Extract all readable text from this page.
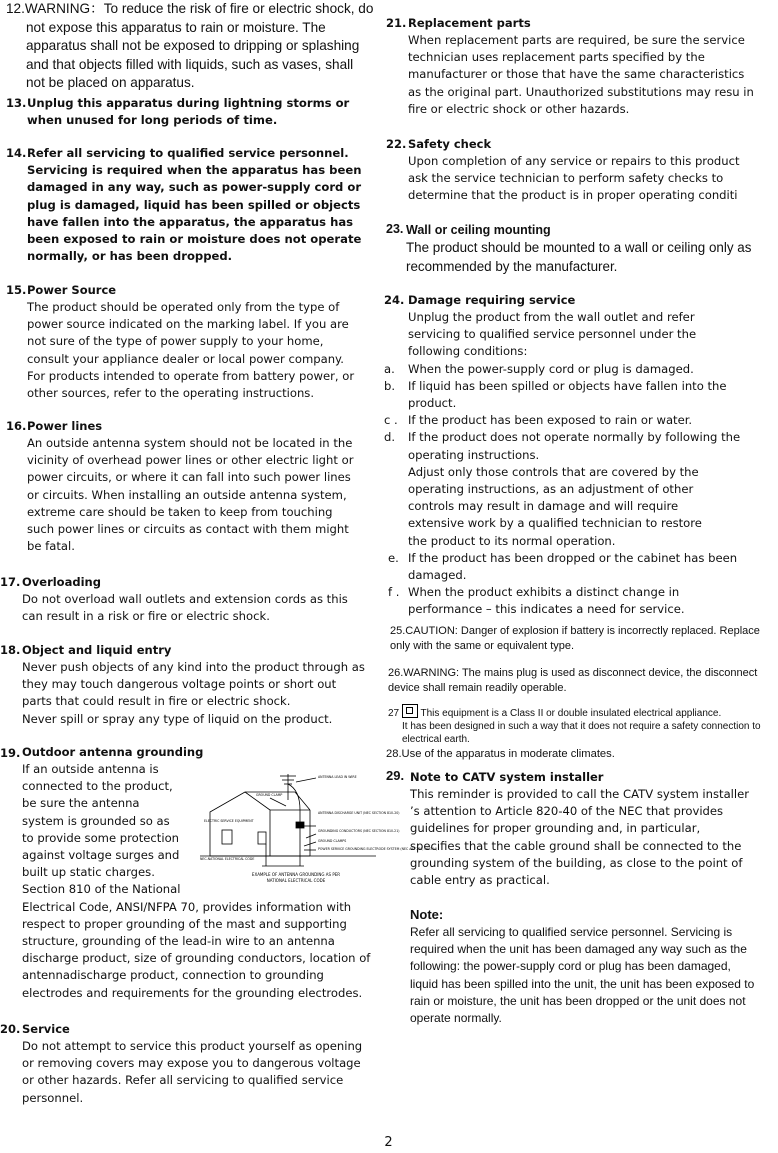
12.WARNING：To reduce the risk of fire or electric shock, do not expose this apparatus to rain or moisture. The apparatus shall not be exposed to dripping or splashing and that objects filled with liquids, such as vases, shall not be placed on apparatus.
13. Unplug this apparatus during lightning storms or when unused for long periods of time.
14. Refer all servicing to qualified service personnel. Servicing is required when the apparatus has been damaged in any way, such as power-supply cord or plug is damaged, liquid has been spilled or objects have fallen into the apparatus, the apparatus has been exposed to rain or moisture does not operate normally, or has been dropped.
15. Power Source
The product should be operated only from the type of power source indicated on the marking label. If you are not sure of the type of power supply to your home, consult your appliance dealer or local power company. For products intended to operate from battery power, or other sources, refer to the operating instructions.
16. Power lines
An outside antenna system should not be located in the vicinity of overhead power lines or other electric light or power circuits, or where it can fall into such power lines or circuits. When installing an outside antenna system, extreme care should be taken to keep from touching such power lines or circuits as contact with them might be fatal.
17. Overloading
Do not overload wall outlets and extension cords as this can result in a risk or fire or electric shock.
18. Object and liquid entry
Never push objects of any kind into the product through as they may touch dangerous voltage points or short out parts that could result in fire or electric shock.
Never spill or spray any type of liquid on the product.
19. Outdoor antenna grounding
If an outside antenna is connected to the product, be sure the antenna system is grounded so as to provide some protection against voltage surges and built up static charges. Section 810 of the National
Electrical Code, ANSI/NFPA 70, provides information with respect to proper grounding of the mast and supporting structure, grounding of the lead-in wire to an antenna discharge product, size of grounding conductors, location of antennadischarge product, connection to grounding electrodes and requirements for the grounding electrodes.
20. Service
Do not attempt to service this product yourself as opening or removing covers may expose you to dangerous voltage or other hazards. Refer all servicing to qualified service personnel.
ANTENNA LEAD IN WIRE
GROUND CLAMP
ANTENNA DISCHARGE UNIT (NEC SECTION 810-20)
ELECTRIC SERVICE EQUIPMENT
GROUNDING CONDUCTORS (NEC SECTION 810-21)
GROUND CLAMPS
POWER SERVICE GROUNDING ELECTRODE SYSTEM (NEC ART 250, PART H)
NEC-NATIONAL ELECTRICAL CODE
EXAMPLE OF ANTENNA GROUNDING AS PER
NATIONAL ELECTRICAL CODE
21. Replacement parts
When replacement parts are required, be sure the service technician uses replacement parts specified by the manufacturer or those that have the same characteristics as the original part. Unauthorized substitutions may resu in fire or electric shock or other hazards.
22. Safety check
Upon completion of any service or repairs to this product ask the service technician to perform safety checks to determine that the product is in proper operating conditi
23. Wall or ceiling mounting
The product should be mounted to a wall or ceiling only as recommended by the manufacturer.
24. Damage requiring service
Unplug the product from the wall outlet and refer servicing to qualified service personnel under the following conditions:
a. When the power-supply cord or plug is damaged.
b. If liquid has been spilled or objects have fallen into the product.
c . If the product has been exposed to rain or water.
d. If the product does not operate normally by following the operating instructions.
Adjust only those controls that are covered by the operating instructions, as an adjustment of other controls may result in damage and will require extensive work by a qualified technician to restore the product to its normal operation.
e. If the product has been dropped or the cabinet has been damaged.
f . When the product exhibits a distinct change in performance – this indicates a need for service.
25.CAUTION: Danger of explosion if battery is incorrectly replaced. Replace only with the same or equivalent type.
26.WARNING: The mains plug is used as disconnect device, the disconnect device shall remain readily operable.
27 This equipment is a Class II or double insulated electrical appliance.
It has been designed in such a way that it does not require a safety connection to electrical earth.
28.Use of the apparatus in moderate climates.
29. Note to CATV system installer
This reminder is provided to call the CATV system installer ’s attention to Article 820-40 of the NEC that provides guidelines for proper grounding and, in particular, specifies that the cable ground shall be connected to the grounding system of the building, as close to the point of cable entry as practical.
Note:
Refer all servicing to qualified service personnel. Servicing is required when the unit has been damaged any way such as the following: the power-supply cord or plug has been damaged, liquid has been spilled into the unit, the unit has been exposed to rain or moisture, the unit has been dropped or the unit does not operate normally.
2
